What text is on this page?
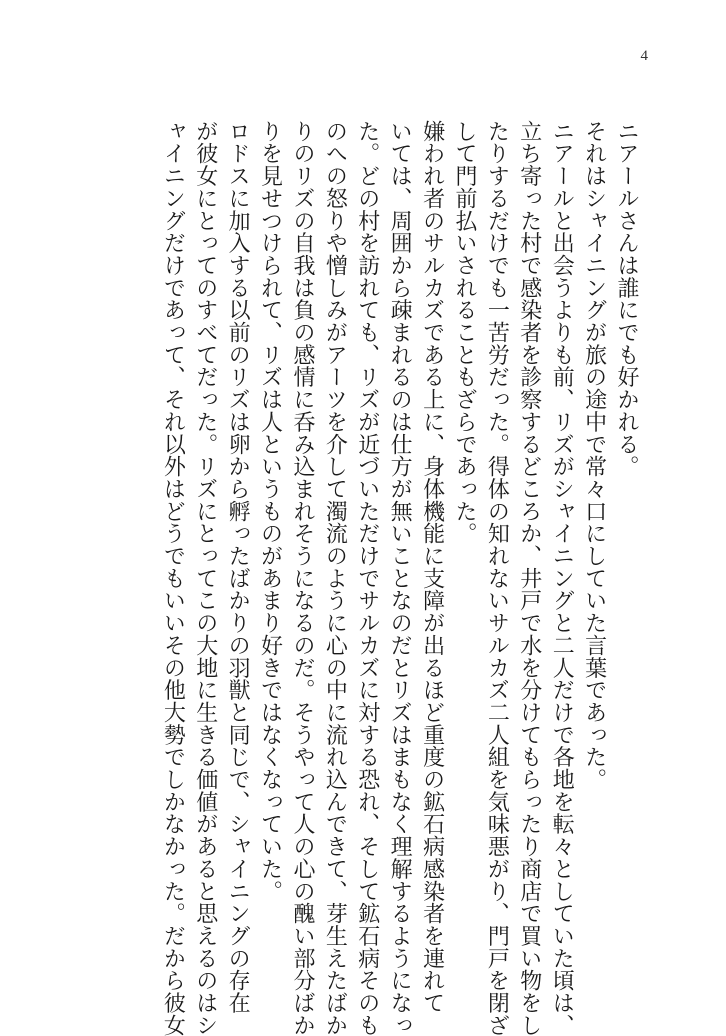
4
ニアールさんは誰にでも好かれる。
それはシャイニングが旅の途中で常々口にしていた言葉であった。
ニアールと出会うよりも前、リズがシャイニングと二人だけで各地を転々としていた頃は、
立ち寄った村で感染者を診察するどころか、井戸で水を分けてもらったり商店で買い物をし
たりするだけでも一苦労だった。得体の知れないサルカズ二人組を気味悪がり、門戸を閉ざ
して門前払いされることもざらであった。
嫌われ者のサルカズである上に、身体機能に支障が出るほど重度の鉱石病感染者を連れて
いては、周囲から疎まれるのは仕方が無いことなのだとリズはまもなく理解するようになっ
た。どの村を訪れても、リズが近づいただけでサルカズに対する恐れ、そして鉱石病そのも
のへの怒りや憎しみがアーツを介して濁流のように心の中に流れ込んできて、芽生えたばか
りのリズの自我は負の感情に呑み込まれそうになるのだ。そうやって人の心の醜い部分ばか
りを見せつけられて、リズは人というものがあまり好きではなくなっていた。
ロドスに加入する以前のリズは卵から孵ったばかりの羽獣と同じで、シャイニングの存在
が彼女にとってのすべてだった。リズにとってこの大地に生きる価値があると思えるのはシ
ャイニングだけであって、それ以外はどうでもいいその他大勢でしかなかった。だから彼女
